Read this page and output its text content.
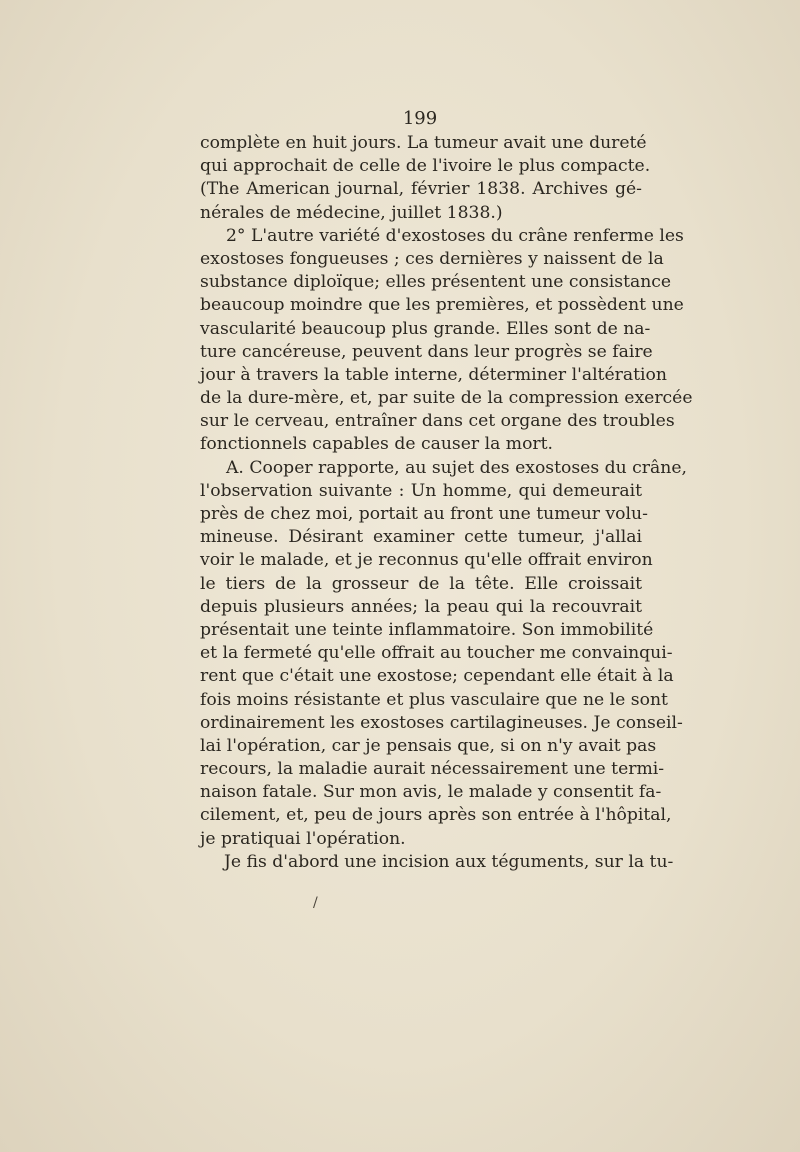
199
complète en huit jours. La tumeur avait une dureté
qui approchait de celle de l'ivoire le plus compacte.
(The American journal, février 1838. Archives gé-
nérales de médecine, juillet 1838.)
2° L'autre variété d'exostoses du crâne renferme les
exostoses fongueuses ; ces dernières y naissent de la
substance diploïque; elles présentent une consistance
beaucoup moindre que les premières, et possèdent une
vascularité beaucoup plus grande. Elles sont de na-
ture cancéreuse, peuvent dans leur progrès se faire
jour à travers la table interne, déterminer l'altération
de la dure-mère, et, par suite de la compression exercée
sur le cerveau, entraîner dans cet organe des troubles
fonctionnels capables de causer la mort.
A. Cooper rapporte, au sujet des exostoses du crâne,
l'observation suivante : Un homme, qui demeurait
près de chez moi, portait au front une tumeur volu-
mineuse. Désirant examiner cette tumeur, j'allai
voir le malade, et je reconnus qu'elle offrait environ
le tiers de la grosseur de la tête. Elle croissait
depuis plusieurs années; la peau qui la recouvrait
présentait une teinte inflammatoire. Son immobilité
et la fermeté qu'elle offrait au toucher me convainqui-
rent que c'était une exostose; cependant elle était à la
fois moins résistante et plus vasculaire que ne le sont
ordinairement les exostoses cartilagineuses. Je conseil-
lai l'opération, car je pensais que, si on n'y avait pas
recours, la maladie aurait nécessairement une termi-
naison fatale. Sur mon avis, le malade y consentit fa-
cilement, et, peu de jours après son entrée à l'hôpital,
je pratiquai l'opération.
Je fis d'abord une incision aux téguments, sur la tu-
/
